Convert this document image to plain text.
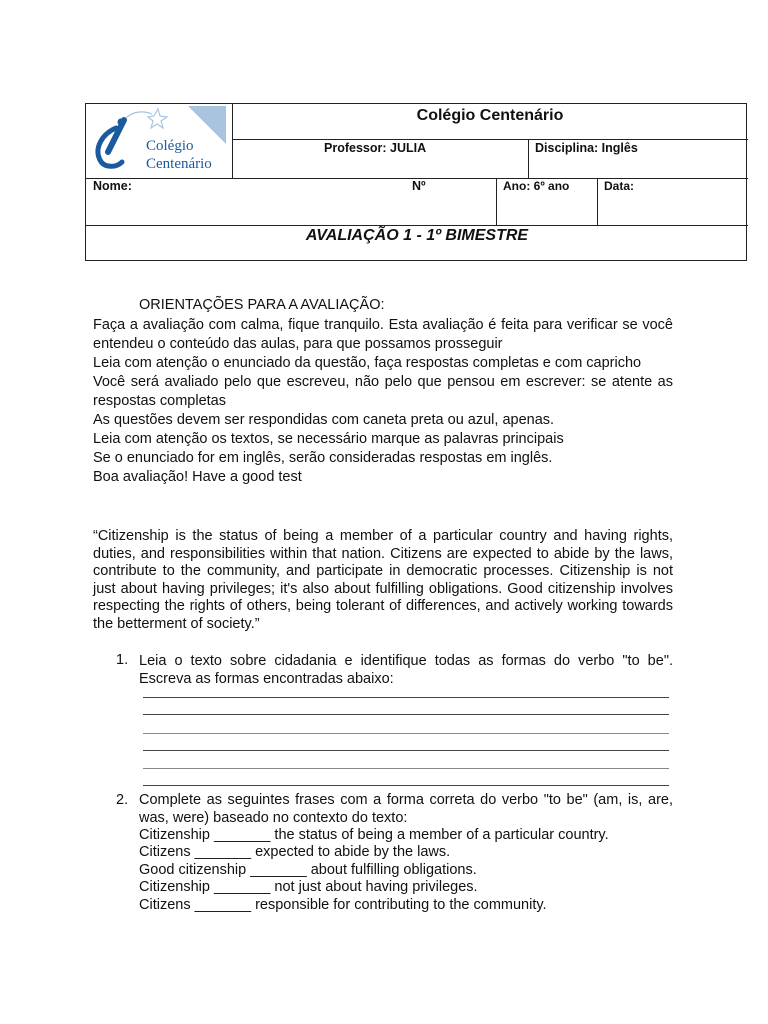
Colégio
Centenário
Colégio Centenário
Professor: JULIA	Disciplina: Inglês
Nome:	Nº	Ano: 6º ano	Data:
AVALIAÇÃO 1 - 1º BIMESTRE
ORIENTAÇÕES PARA A AVALIAÇÃO:
Faça a avaliação com calma, fique tranquilo. Esta avaliação é feita para verificar se você entendeu o conteúdo das aulas, para que possamos prosseguir
Leia com atenção o enunciado da questão, faça respostas completas e com capricho
Você será avaliado pelo que escreveu, não pelo que pensou em escrever: se atente as respostas completas
As questões devem ser respondidas com caneta preta ou azul, apenas.
Leia com atenção os textos, se necessário marque as palavras principais
Se o enunciado for em inglês, serão consideradas respostas em inglês.
Boa avaliação! Have a good test
“Citizenship is the status of being a member of a particular country and having rights, duties, and responsibilities within that nation. Citizens are expected to abide by the laws, contribute to the community, and participate in democratic processes. Citizenship is not just about having privileges; it's also about fulfilling obligations. Good citizenship involves respecting the rights of others, being tolerant of differences, and actively working towards the betterment of society.”
1. Leia o texto sobre cidadania e identifique todas as formas do verbo "to be". Escreva as formas encontradas abaixo:
2. Complete as seguintes frases com a forma correta do verbo "to be" (am, is, are, was, were) baseado no contexto do texto:
Citizenship _______ the status of being a member of a particular country.
Citizens _______ expected to abide by the laws.
Good citizenship _______ about fulfilling obligations.
Citizenship _______ not just about having privileges.
Citizens _______ responsible for contributing to the community.
